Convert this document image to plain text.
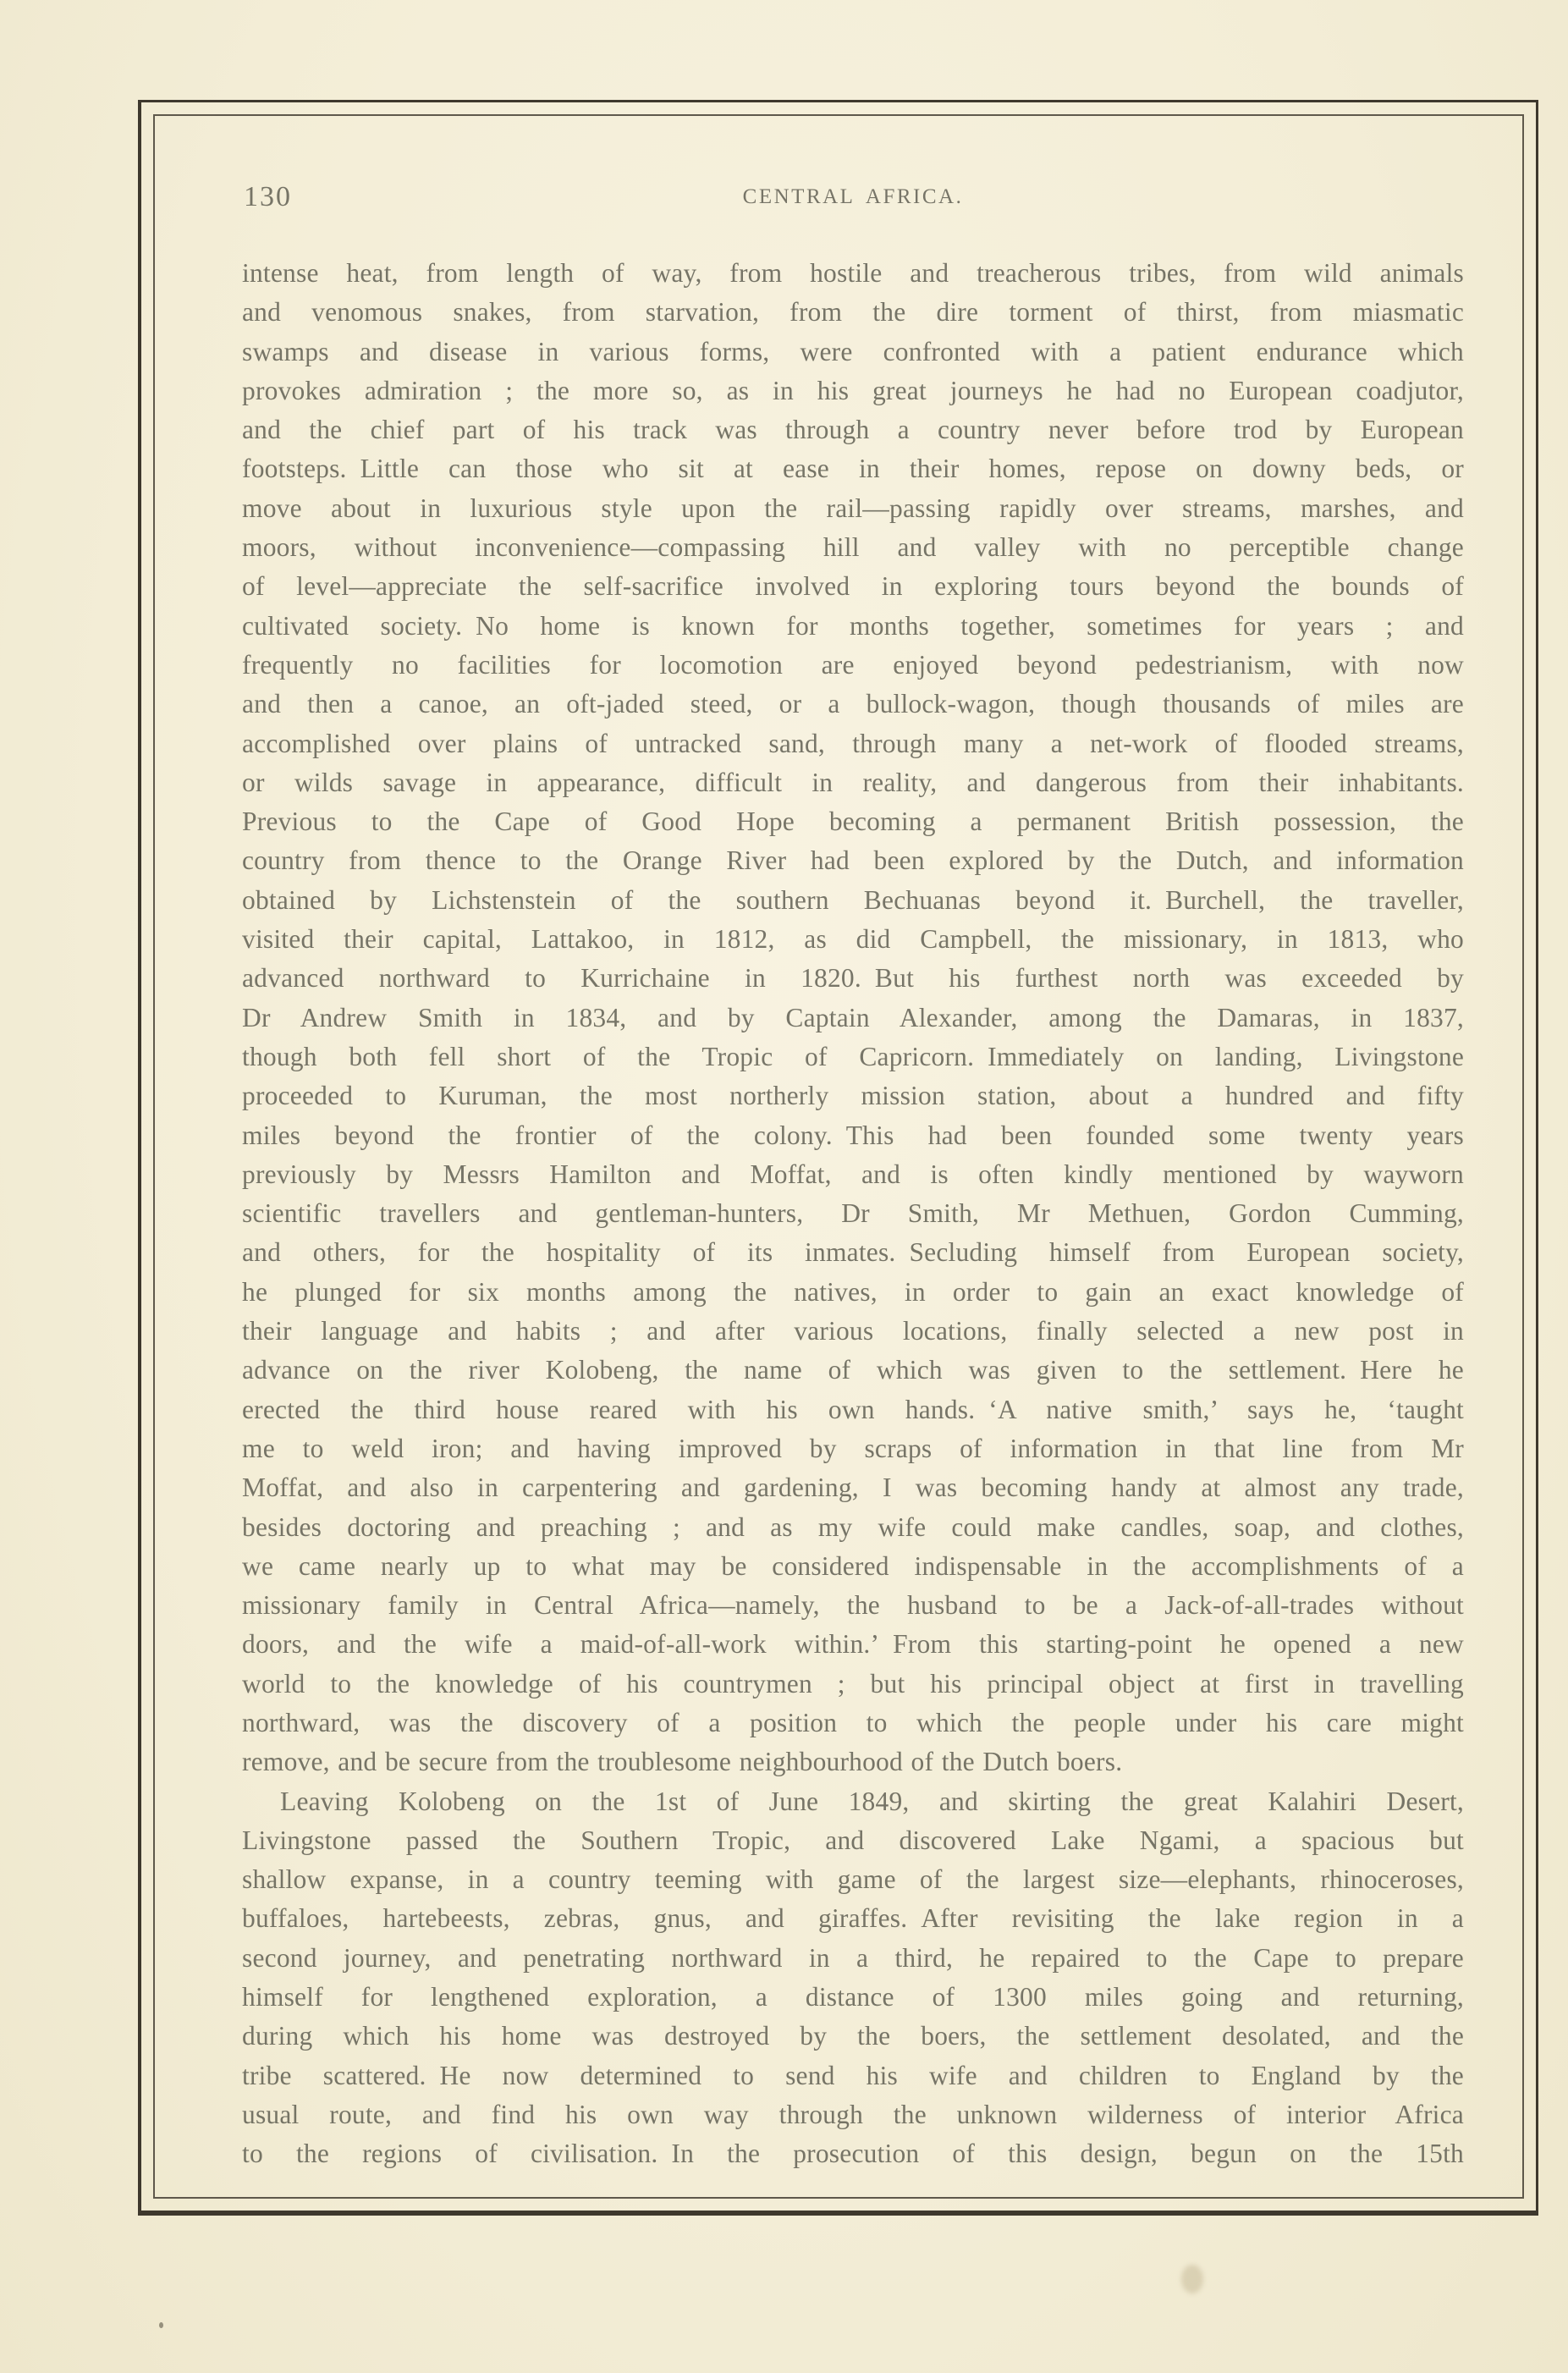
130	CENTRAL AFRICA.
intense heat, from length of way, from hostile and treacherous tribes, from wild animals
and venomous snakes, from starvation, from the dire torment of thirst, from miasmatic
swamps and disease in various forms, were confronted with a patient endurance which
provokes admiration ; the more so, as in his great journeys he had no European coadjutor,
and the chief part of his track was through a country never before trod by European
footsteps. Little can those who sit at ease in their homes, repose on downy beds, or
move about in luxurious style upon the rail—passing rapidly over streams, marshes, and
moors, without inconvenience—compassing hill and valley with no perceptible change
of level—appreciate the self-sacrifice involved in exploring tours beyond the bounds of
cultivated society. No home is known for months together, sometimes for years ; and
frequently no facilities for locomotion are enjoyed beyond pedestrianism, with now
and then a canoe, an oft-jaded steed, or a bullock-wagon, though thousands of miles are
accomplished over plains of untracked sand, through many a net-work of flooded streams,
or wilds savage in appearance, difficult in reality, and dangerous from their inhabitants.
Previous to the Cape of Good Hope becoming a permanent British possession, the
country from thence to the Orange River had been explored by the Dutch, and information
obtained by Lichstenstein of the southern Bechuanas beyond it. Burchell, the traveller,
visited their capital, Lattakoo, in 1812, as did Campbell, the missionary, in 1813, who
advanced northward to Kurrichaine in 1820. But his furthest north was exceeded by
Dr Andrew Smith in 1834, and by Captain Alexander, among the Damaras, in 1837,
though both fell short of the Tropic of Capricorn. Immediately on landing, Livingstone
proceeded to Kuruman, the most northerly mission station, about a hundred and fifty
miles beyond the frontier of the colony. This had been founded some twenty years
previously by Messrs Hamilton and Moffat, and is often kindly mentioned by wayworn
scientific travellers and gentleman-hunters, Dr Smith, Mr Methuen, Gordon Cumming,
and others, for the hospitality of its inmates. Secluding himself from European society,
he plunged for six months among the natives, in order to gain an exact knowledge of
their language and habits ; and after various locations, finally selected a new post in
advance on the river Kolobeng, the name of which was given to the settlement. Here he
erected the third house reared with his own hands. ‘A native smith,’ says he, ‘taught
me to weld iron; and having improved by scraps of information in that line from Mr
Moffat, and also in carpentering and gardening, I was becoming handy at almost any trade,
besides doctoring and preaching ; and as my wife could make candles, soap, and clothes,
we came nearly up to what may be considered indispensable in the accomplishments of a
missionary family in Central Africa—namely, the husband to be a Jack-of-all-trades without
doors, and the wife a maid-of-all-work within.’ From this starting-point he opened a new
world to the knowledge of his countrymen ; but his principal object at first in travelling
northward, was the discovery of a position to which the people under his care might
remove, and be secure from the troublesome neighbourhood of the Dutch boers.
Leaving Kolobeng on the 1st of June 1849, and skirting the great Kalahiri Desert,
Livingstone passed the Southern Tropic, and discovered Lake Ngami, a spacious but
shallow expanse, in a country teeming with game of the largest size—elephants, rhinoceroses,
buffaloes, hartebeests, zebras, gnus, and giraffes. After revisiting the lake region in a
second journey, and penetrating northward in a third, he repaired to the Cape to prepare
himself for lengthened exploration, a distance of 1300 miles going and returning,
during which his home was destroyed by the boers, the settlement desolated, and the
tribe scattered. He now determined to send his wife and children to England by the
usual route, and find his own way through the unknown wilderness of interior Africa
to the regions of civilisation. In the prosecution of this design, begun on the 15th
